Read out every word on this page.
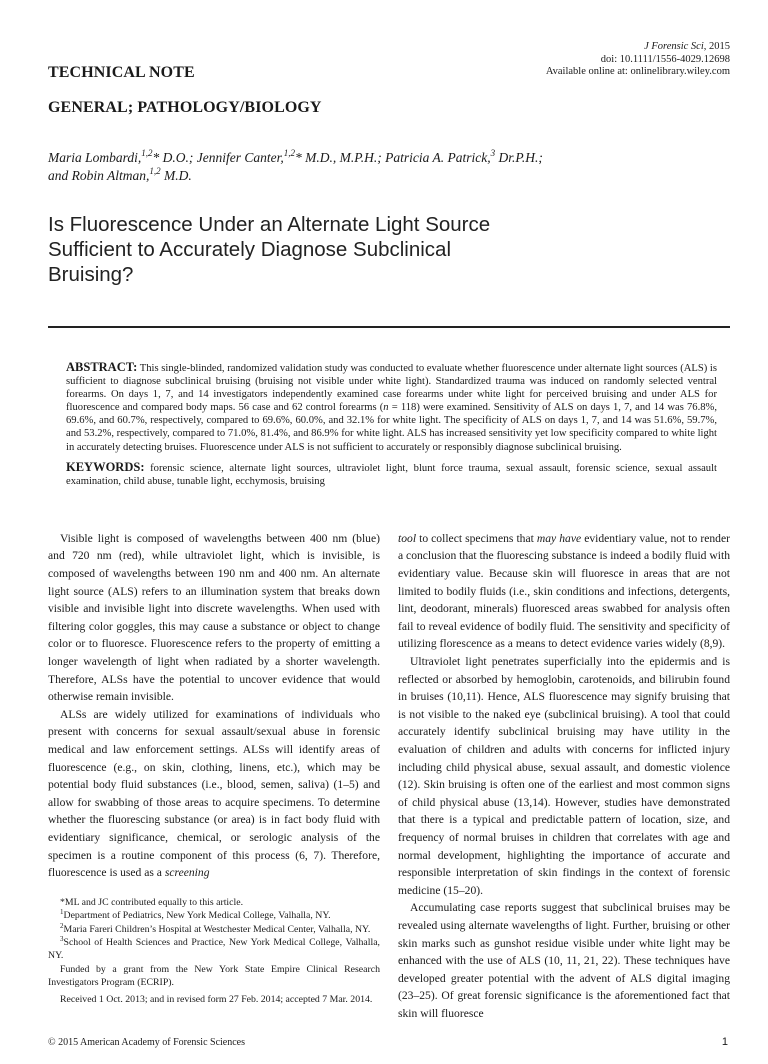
J Forensic Sci, 2015
doi: 10.1111/1556-4029.12698
Available online at: onlinelibrary.wiley.com
TECHNICAL NOTE
GENERAL; PATHOLOGY/BIOLOGY
Maria Lombardi,$^{1,2}$* D.O.; Jennifer Canter,$^{1,2}$* M.D., M.P.H.; Patricia A. Patrick,$^3$ Dr.P.H.;
and Robin Altman,$^{1,2}$ M.D.
Is Fluorescence Under an Alternate Light Source Sufficient to Accurately Diagnose Subclinical Bruising?
ABSTRACT: This single-blinded, randomized validation study was conducted to evaluate whether fluorescence under alternate light sources (ALS) is sufficient to diagnose subclinical bruising (bruising not visible under white light). Standardized trauma was induced on randomly selected ventral forearms. On days 1, 7, and 14 investigators independently examined case forearms under white light for perceived bruising and under ALS for fluorescence and compared body maps. 56 case and 62 control forearms (n = 118) were examined. Sensitivity of ALS on days 1, 7, and 14 was 76.8%, 69.6%, and 60.7%, respectively, compared to 69.6%, 60.0%, and 32.1% for white light. The specificity of ALS on days 1, 7, and 14 was 51.6%, 59.7%, and 53.2%, respectively, compared to 71.0%, 81.4%, and 86.9% for white light. ALS has increased sensitivity yet low specificity compared to white light in accurately detecting bruises. Fluorescence under ALS is not sufficient to accurately or responsibly diagnose subclinical bruising.
KEYWORDS: forensic science, alternate light sources, ultraviolet light, blunt force trauma, sexual assault, forensic science, sexual assault examination, child abuse, tunable light, ecchymosis, bruising

Visible light is composed of wavelengths between 400 nm (blue) and 720 nm (red), while ultraviolet light, which is invisible, is composed of wavelengths between 190 nm and 400 nm. An alternate light source (ALS) refers to an illumination system that breaks down visible and invisible light into discrete wavelengths. When used with filtering color goggles, this may cause a substance or object to change color or to fluoresce. Fluorescence refers to the property of emitting a longer wavelength of light when radiated by a shorter wavelength. Therefore, ALSs have the potential to uncover evidence that would otherwise remain invisible.

ALSs are widely utilized for examinations of individuals who present with concerns for sexual assault/sexual abuse in forensic medical and law enforcement settings. ALSs will identify areas of fluorescence (e.g., on skin, clothing, linens, etc.), which may be potential body fluid substances (i.e., blood, semen, saliva) (1–5) and allow for swabbing of those areas to acquire specimens. To determine whether the fluorescing substance (or area) is in fact body fluid with evidentiary significance, chemical, or serologic analysis of the specimen is a routine component of this process (6, 7). Therefore, fluorescence is used as a screening

*ML and JC contributed equally to this article.

$^1$Department of Pediatrics, New York Medical College, Valhalla, NY.

$^2$Maria Fareri Children’s Hospital at Westchester Medical Center, Valhalla, NY.

$^3$School of Health Sciences and Practice, New York Medical College, Valhalla, NY.

Funded by a grant from the New York State Empire Clinical Research Investigators Program (ECRIP).

Received 1 Oct. 2013; and in revised form 27 Feb. 2014; accepted 7 Mar. 2014.

tool to collect specimens that may have evidentiary value, not to render a conclusion that the fluorescing substance is indeed a bodily fluid with evidentiary value. Because skin will fluoresce in areas that are not limited to bodily fluids (i.e., skin conditions and infections, detergents, lint, deodorant, minerals) fluoresced areas swabbed for analysis often fail to reveal evidence of bodily fluid. The sensitivity and specificity of utilizing florescence as a means to detect evidence varies widely (8,9).

Ultraviolet light penetrates superficially into the epidermis and is reflected or absorbed by hemoglobin, carotenoids, and bilirubin found in bruises (10,11). Hence, ALS fluorescence may signify bruising that is not visible to the naked eye (subclinical bruising). A tool that could accurately identify subclinical bruising may have utility in the evaluation of children and adults with concerns for inflicted injury including child physical abuse, sexual assault, and domestic violence (12). Skin bruising is often one of the earliest and most common signs of child physical abuse (13,14). However, studies have demonstrated that there is a typical and predictable pattern of location, size, and frequency of normal bruises in children that correlates with age and normal development, highlighting the importance of accurate and responsible interpretation of skin findings in the context of forensic medicine (15–20).

Accumulating case reports suggest that subclinical bruises may be revealed using alternate wavelengths of light. Further, bruising or other skin marks such as gunshot residue visible under white light may be enhanced with the use of ALS (10, 11, 21, 22). These techniques have developed greater potential with the advent of ALS digital imaging (23–25). Of great forensic significance is the aforementioned fact that skin will fluoresce

© 2015 American Academy of Forensic Sciences	1
